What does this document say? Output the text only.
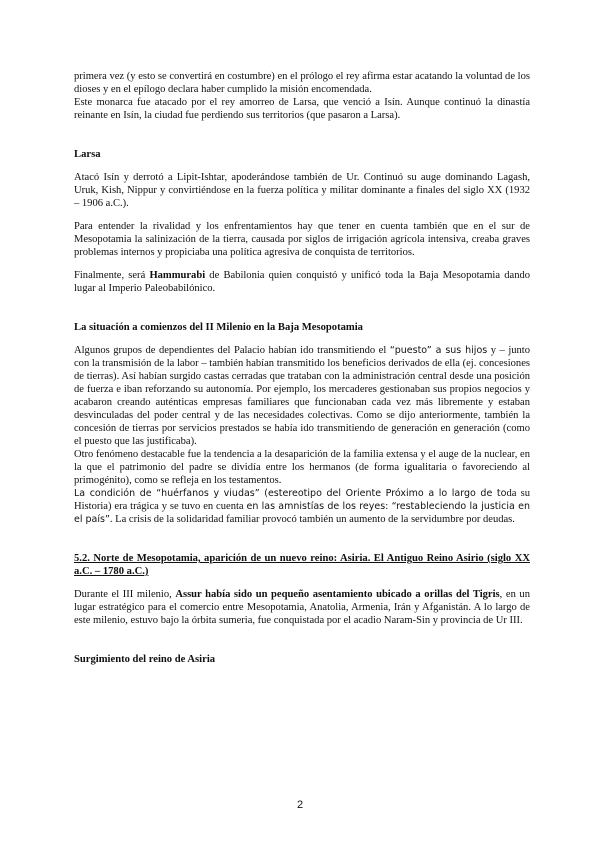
primera vez (y esto se convertirá en costumbre) en el prólogo el rey afirma estar acatando la voluntad de los dioses y en el epílogo declara haber cumplido la misión encomendada.

Este monarca fue atacado por el rey amorreo de Larsa, que venció a Isín. Aunque continuó la dinastía reinante en Isín, la ciudad fue perdiendo sus territorios (que pasaron a Larsa).

Larsa

Atacó Isín y derrotó a Lipit-Ishtar, apoderándose también de Ur. Continuó su auge dominando Lagash, Uruk, Kish, Nippur y convirtiéndose en la fuerza política y militar dominante a finales del siglo XX (1932 – 1906 a.C.).

Para entender la rivalidad y los enfrentamientos hay que tener en cuenta también que en el sur de Mesopotamia la salinización de la tierra, causada por siglos de irrigación agrícola intensiva, creaba graves problemas internos y propiciaba una política agresiva de conquista de territorios.

Finalmente, será Hammurabi de Babilonia quien conquistó y unificó toda la Baja Mesopotamia dando lugar al Imperio Paleobabilónico.

La situación a comienzos del II Milenio en la Baja Mesopotamia

Algunos grupos de dependientes del Palacio habían ido transmitiendo el “puesto” a sus hijos y – junto con la transmisión de la labor – también habían transmitido los beneficios derivados de ella (ej. concesiones de tierras). Así habían surgido castas cerradas que trataban con la administración central desde una posición de fuerza e iban reforzando su autonomía. Por ejemplo, los mercaderes gestionaban sus propios negocios y acabaron creando auténticas empresas familiares que funcionaban cada vez más libremente y estaban desvinculadas del poder central y de las necesidades colectivas. Como se dijo anteriormente, también la concesión de tierras por servicios prestados se había ido transmitiendo de generación en generación (como el puesto que las justificaba).

Otro fenómeno destacable fue la tendencia a la desaparición de la familia extensa y el auge de la nuclear, en la que el patrimonio del padre se dividía entre los hermanos (de forma igualitaria o favoreciendo al primogénito), como se refleja en los testamentos.

La condición de “huérfanos y viudas” (estereotipo del Oriente Próximo a lo largo de toda su Historia) era trágica y se tuvo en cuenta en las amnistías de los reyes: “restableciendo la justicia en el país”. La crisis de la solidaridad familiar provocó también un aumento de la servidumbre por deudas.

5.2. Norte de Mesopotamia, aparición de un nuevo reino: Asiria. El Antiguo Reino Asirio (siglo XX a.C. – 1780 a.C.)

Durante el III milenio, Assur había sido un pequeño asentamiento ubicado a orillas del Tigris, en un lugar estratégico para el comercio entre Mesopotamia, Anatolia, Armenia, Irán y Afganistán. A lo largo de este milenio, estuvo bajo la órbita sumeria, fue conquistada por el acadio Naram-Sin y provincia de Ur III.

Surgimiento del reino de Asiria
2
